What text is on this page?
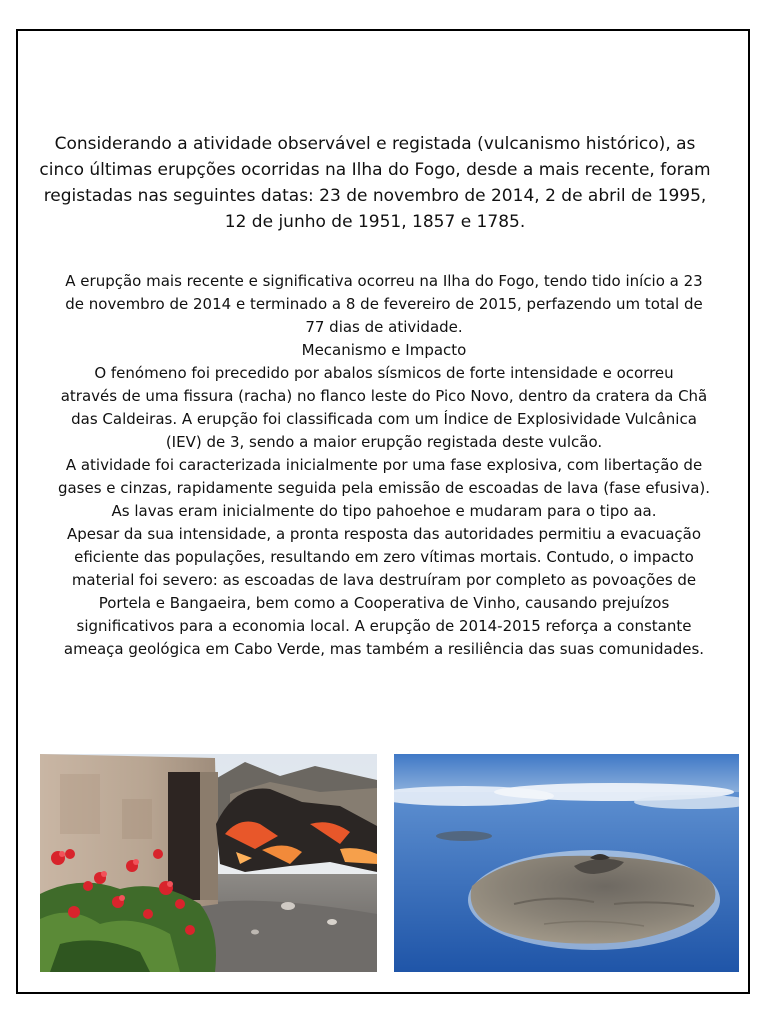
Considerando a atividade observável e registada (vulcanismo histórico), as
cinco últimas erupções ocorridas na Ilha do Fogo, desde a mais recente, foram
registadas nas seguintes datas: 23 de novembro de 2014, 2 de abril de 1995,
12 de junho de 1951, 1857 e 1785.

A erupção mais recente e significativa ocorreu na Ilha do Fogo, tendo tido início a 23

de novembro de 2014 e terminado a 8 de fevereiro de 2015, perfazendo um total de

77 dias de atividade.

Mecanismo e Impacto

O fenómeno foi precedido por abalos sísmicos de forte intensidade e ocorreu

através de uma fissura (racha) no flanco leste do Pico Novo, dentro da cratera da Chã

das Caldeiras. A erupção foi classificada com um Índice de Explosividade Vulcânica

(IEV) de 3, sendo a maior erupção registada deste vulcão.

A atividade foi caracterizada inicialmente por uma fase explosiva, com libertação de

gases e cinzas, rapidamente seguida pela emissão de escoadas de lava (fase efusiva).

As lavas eram inicialmente do tipo pahoehoe e mudaram para o tipo aa.

Apesar da sua intensidade, a pronta resposta das autoridades permitiu a evacuação

eficiente das populações, resultando em zero vítimas mortais. Contudo, o impacto

material foi severo: as escoadas de lava destruíram por completo as povoações de

Portela e Bangaeira, bem como a Cooperativa de Vinho, causando prejuízos

significativos para a economia local. A erupção de 2014-2015 reforça a constante

ameaça geológica em Cabo Verde, mas também a resiliência das suas comunidades.
